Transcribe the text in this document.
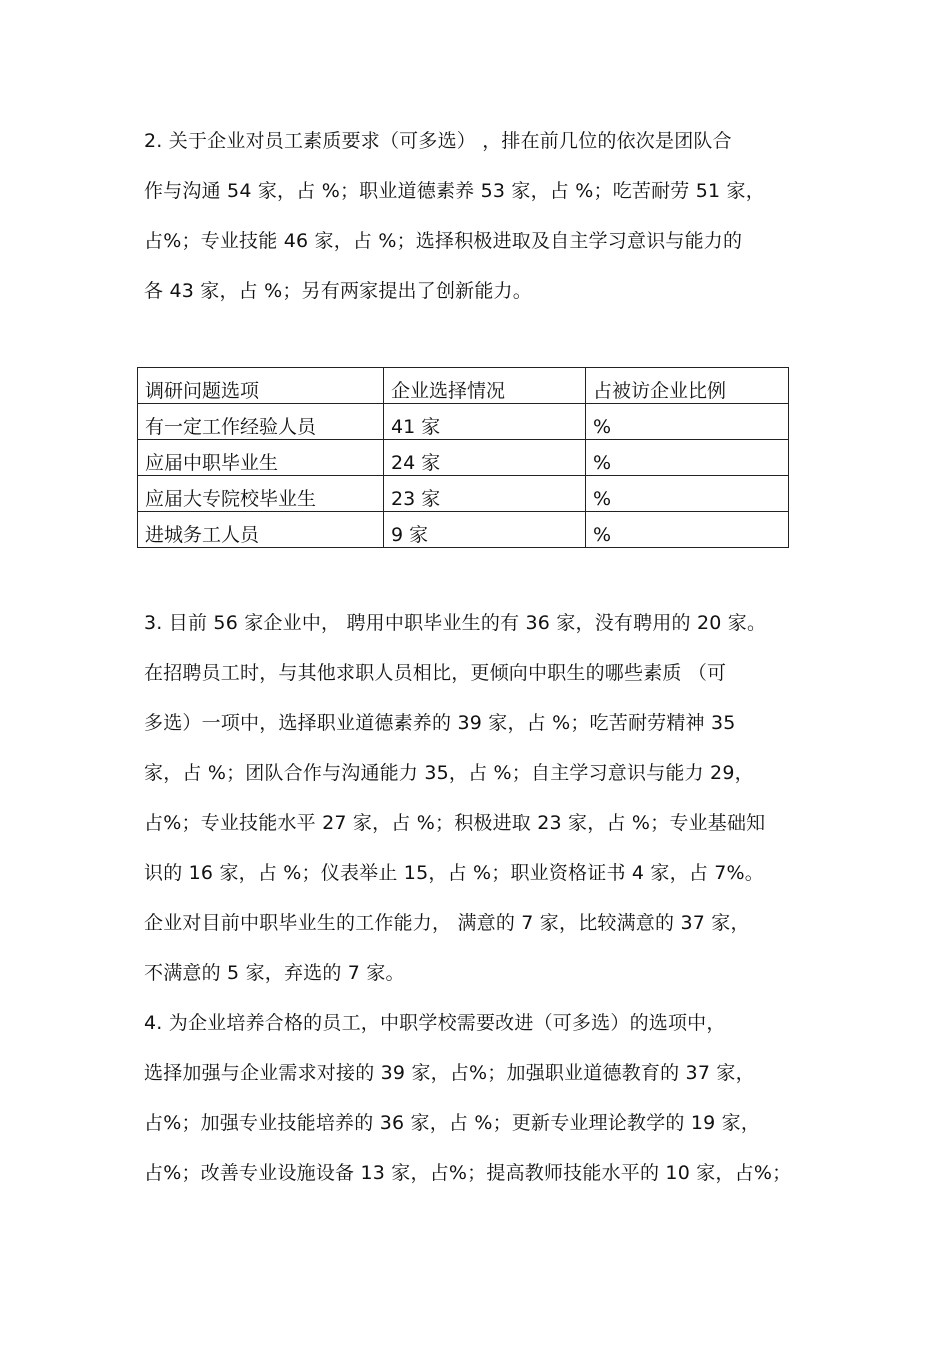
2. 关于企业对员工素质要求（可多选） ，排在前几位的依次是团队合
作与沟通 54 家，占 %；职业道德素养 53 家，占 %；吃苦耐劳 51 家，
占%；专业技能 46 家，占 %；选择积极进取及自主学习意识与能力的
各 43 家，占 %；另有两家提出了创新能力。

调研问题选项	企业选择情况	占被访企业比例
有一定工作经验人员	41 家	%
应届中职毕业生	24 家	%
应届大专院校毕业生	23 家	%
进城务工人员	9 家	%

3. 目前 56 家企业中， 聘用中职毕业生的有 36 家，没有聘用的 20 家。
在招聘员工时，与其他求职人员相比，更倾向中职生的哪些素质 （可
多选）一项中，选择职业道德素养的 39 家，占 %；吃苦耐劳精神 35
家，占 %；团队合作与沟通能力 35，占 %；自主学习意识与能力 29，
占%；专业技能水平 27 家，占 %；积极进取 23 家，占 %；专业基础知
识的 16 家，占 %；仪表举止 15，占 %；职业资格证书 4 家，占 7%。
企业对目前中职毕业生的工作能力， 满意的 7 家，比较满意的 37 家，
不满意的 5 家，弃选的 7 家。

4. 为企业培养合格的员工，中职学校需要改进（可多选）的选项中，
选择加强与企业需求对接的 39 家，占%；加强职业道德教育的 37 家，
占%；加强专业技能培养的 36 家，占 %；更新专业理论教学的 19 家，
占%；改善专业设施设备 13 家，占%；提高教师技能水平的 10 家，占%；
